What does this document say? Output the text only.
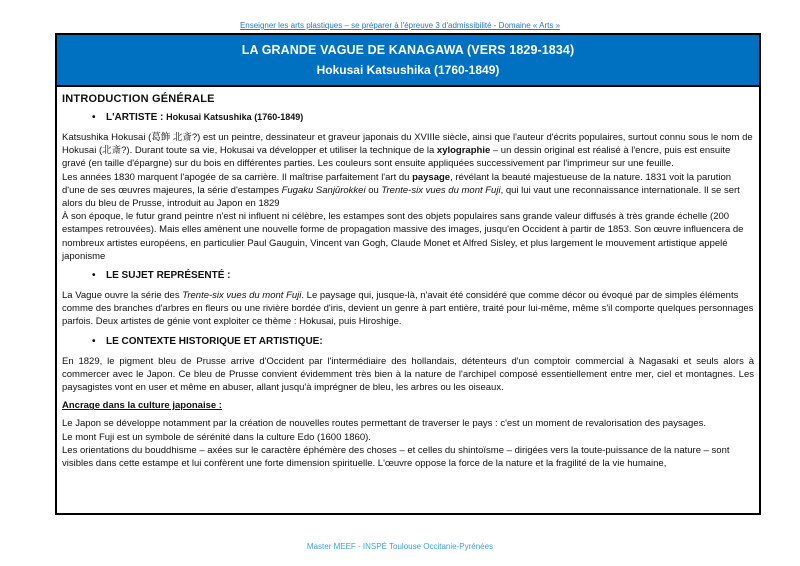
Enseigner les arts plastiques – se préparer à l'épreuve 3 d'admissibilité - Domaine « Arts »
LA GRANDE VAGUE DE KANAGAWA (VERS 1829-1834)
Hokusai Katsushika (1760-1849)
INTRODUCTION GÉNÉRALE
• L'ARTISTE : Hokusai Katsushika (1760-1849)
Katsushika Hokusai (葛飾 北斎?) est un peintre, dessinateur et graveur japonais du XVIIIe siècle, ainsi que l'auteur d'écrits populaires, surtout connu sous le nom de Hokusai (北斎?). Durant toute sa vie, Hokusai va développer et utiliser la technique de la xylographie – un dessin original est réalisé à l'encre, puis est ensuite gravé (en taille d'épargne) sur du bois en différentes parties. Les couleurs sont ensuite appliquées successivement par l'imprimeur sur une feuille.
Les années 1830 marquent l'apogée de sa carrière. Il maîtrise parfaitement l'art du paysage, révélant la beauté majestueuse de la nature. 1831 voit la parution d'une de ses œuvres majeures, la série d'estampes Fugaku Sanjūrokkei ou Trente-six vues du mont Fuji, qui lui vaut une reconnaissance internationale. Il se sert alors du bleu de Prusse, introduit au Japon en 1829
À son époque, le futur grand peintre n'est ni influent ni célèbre, les estampes sont des objets populaires sans grande valeur diffusés à très grande échelle (200 estampes retrouvées). Mais elles amènent une nouvelle forme de propagation massive des images, jusqu'en Occident à partir de 1853. Son œuvre influencera de nombreux artistes européens, en particulier Paul Gauguin, Vincent van Gogh, Claude Monet et Alfred Sisley, et plus largement le mouvement artistique appelé japonisme
• LE SUJET REPRÉSENTÉ :
La Vague ouvre la série des Trente-six vues du mont Fuji. Le paysage qui, jusque-là, n'avait été considéré que comme décor ou évoqué par de simples éléments comme des branches d'arbres en fleurs ou une rivière bordée d'iris, devient un genre à part entière, traité pour lui-même, même s'il comporte quelques personnages parfois. Deux artistes de génie vont exploiter ce thème : Hokusai, puis Hiroshige.
• LE CONTEXTE HISTORIQUE ET ARTISTIQUE:
En 1829, le pigment bleu de Prusse arrive d'Occident par l'intermédiaire des hollandais, détenteurs d'un comptoir commercial à Nagasaki et seuls alors à commercer avec le Japon. Ce bleu de Prusse convient évidemment très bien à la nature de l'archipel composé essentiellement entre mer, ciel et montagnes. Les paysagistes vont en user et même en abuser, allant jusqu'à imprégner de bleu, les arbres ou les oiseaux.
Ancrage dans la culture japonaise :
Le Japon se développe notamment par la création de nouvelles routes permettant de traverser le pays : c'est un moment de revalorisation des paysages.
Le mont Fuji est un symbole de sérénité dans la culture Edo (1600 1860).
Les orientations du bouddhisme – axées sur le caractère éphémère des choses – et celles du shintoïsme – dirigées vers la toute-puissance de la nature – sont visibles dans cette estampe et lui confèrent une forte dimension spirituelle. L'œuvre oppose la force de la nature et la fragilité de la vie humaine,
Master MEEF - INSPÉ Toulouse Occitanie-Pyrénées
